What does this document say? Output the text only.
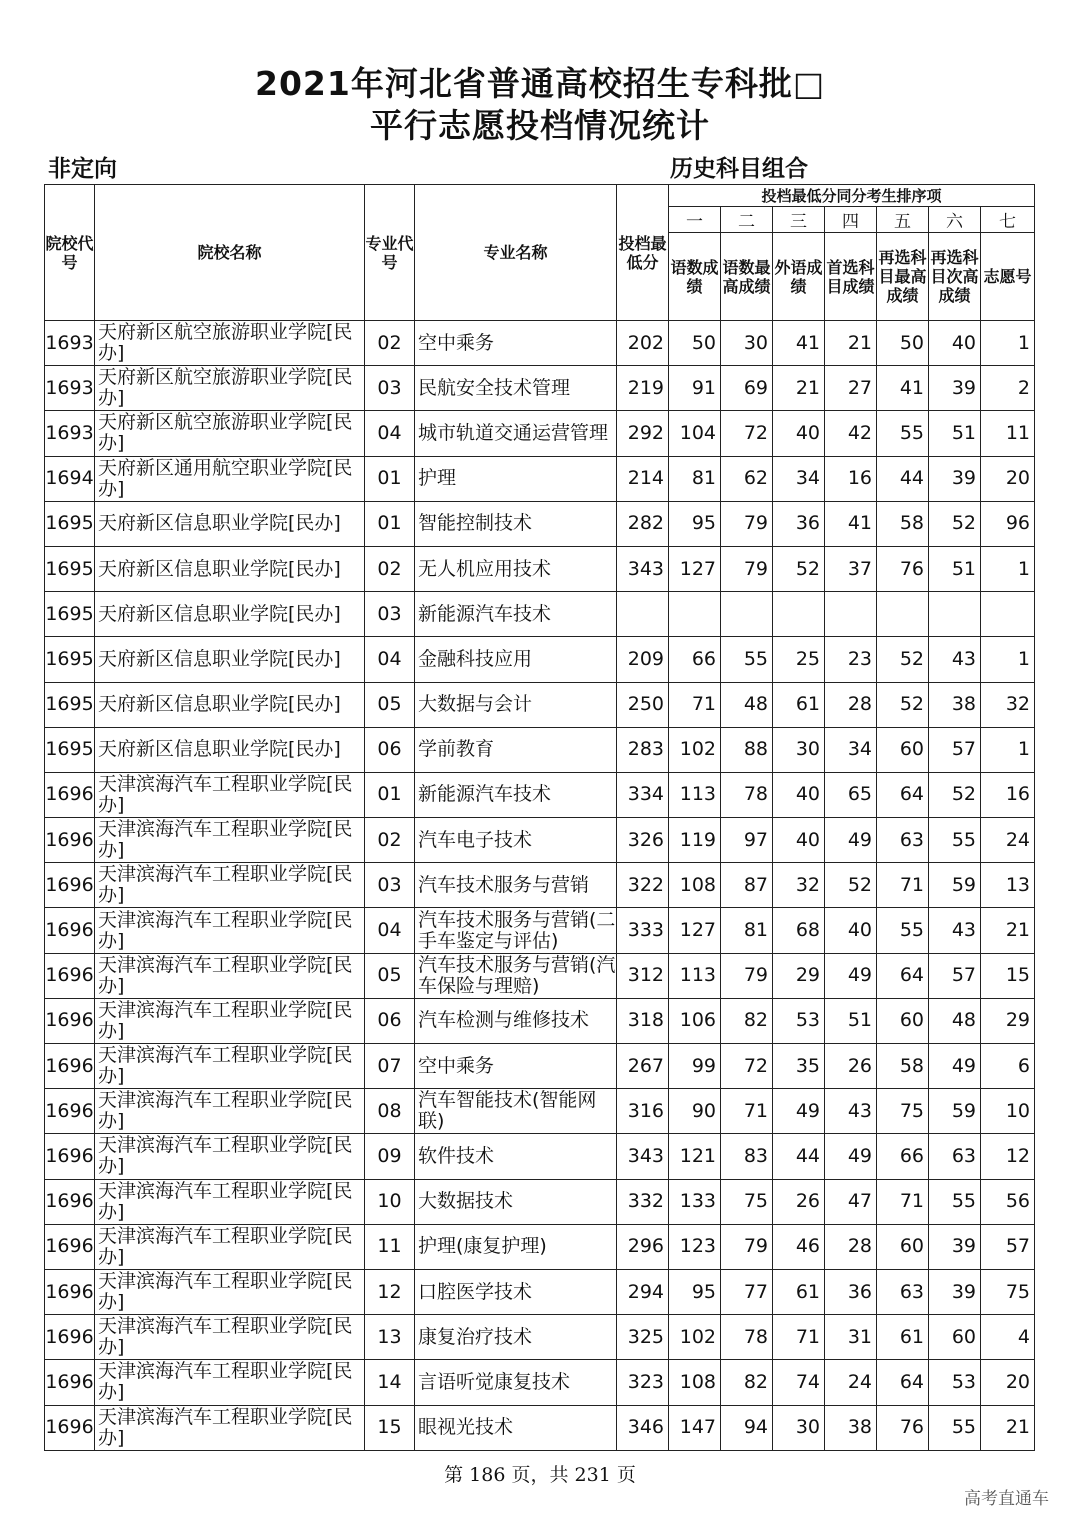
2021年河北省普通高校招生专科批□
平行志愿投档情况统计
非定向	历史科目组合
院校代号	院校名称	专业代号	专业名称	投档最低分	投档最低分同分考生排序项						
					一	二	三	四	五	六	七
					语数成绩	语数最高成绩	外语成绩	首选科目成绩	再选科目最高成绩	再选科目次高成绩	志愿号
1693	天府新区航空旅游职业学院[民办]	02	空中乘务	202	50	30	41	21	50	40	1
1693	天府新区航空旅游职业学院[民办]	03	民航安全技术管理	219	91	69	21	27	41	39	2
1693	天府新区航空旅游职业学院[民办]	04	城市轨道交通运营管理	292	104	72	40	42	55	51	11
1694	天府新区通用航空职业学院[民办]	01	护理	214	81	62	34	16	44	39	20
1695	天府新区信息职业学院[民办]	01	智能控制技术	282	95	79	36	41	58	52	96
1695	天府新区信息职业学院[民办]	02	无人机应用技术	343	127	79	52	37	76	51	1
1695	天府新区信息职业学院[民办]	03	新能源汽车技术								
1695	天府新区信息职业学院[民办]	04	金融科技应用	209	66	55	25	23	52	43	1
1695	天府新区信息职业学院[民办]	05	大数据与会计	250	71	48	61	28	52	38	32
1695	天府新区信息职业学院[民办]	06	学前教育	283	102	88	30	34	60	57	1
1696	天津滨海汽车工程职业学院[民办]	01	新能源汽车技术	334	113	78	40	65	64	52	16
1696	天津滨海汽车工程职业学院[民办]	02	汽车电子技术	326	119	97	40	49	63	55	24
1696	天津滨海汽车工程职业学院[民办]	03	汽车技术服务与营销	322	108	87	32	52	71	59	13
1696	天津滨海汽车工程职业学院[民办]	04	汽车技术服务与营销(二手车鉴定与评估)	333	127	81	68	40	55	43	21
1696	天津滨海汽车工程职业学院[民办]	05	汽车技术服务与营销(汽车保险与理赔)	312	113	79	29	49	64	57	15
1696	天津滨海汽车工程职业学院[民办]	06	汽车检测与维修技术	318	106	82	53	51	60	48	29
1696	天津滨海汽车工程职业学院[民办]	07	空中乘务	267	99	72	35	26	58	49	6
1696	天津滨海汽车工程职业学院[民办]	08	汽车智能技术(智能网联)	316	90	71	49	43	75	59	10
1696	天津滨海汽车工程职业学院[民办]	09	软件技术	343	121	83	44	49	66	63	12
1696	天津滨海汽车工程职业学院[民办]	10	大数据技术	332	133	75	26	47	71	55	56
1696	天津滨海汽车工程职业学院[民办]	11	护理(康复护理)	296	123	79	46	28	60	39	57
1696	天津滨海汽车工程职业学院[民办]	12	口腔医学技术	294	95	77	61	36	63	39	75
1696	天津滨海汽车工程职业学院[民办]	13	康复治疗技术	325	102	78	71	31	61	60	4
1696	天津滨海汽车工程职业学院[民办]	14	言语听觉康复技术	323	108	82	74	24	64	53	20
1696	天津滨海汽车工程职业学院[民办]	15	眼视光技术	346	147	94	30	38	76	55	21
第 186 页，共 231 页
高考直通车
